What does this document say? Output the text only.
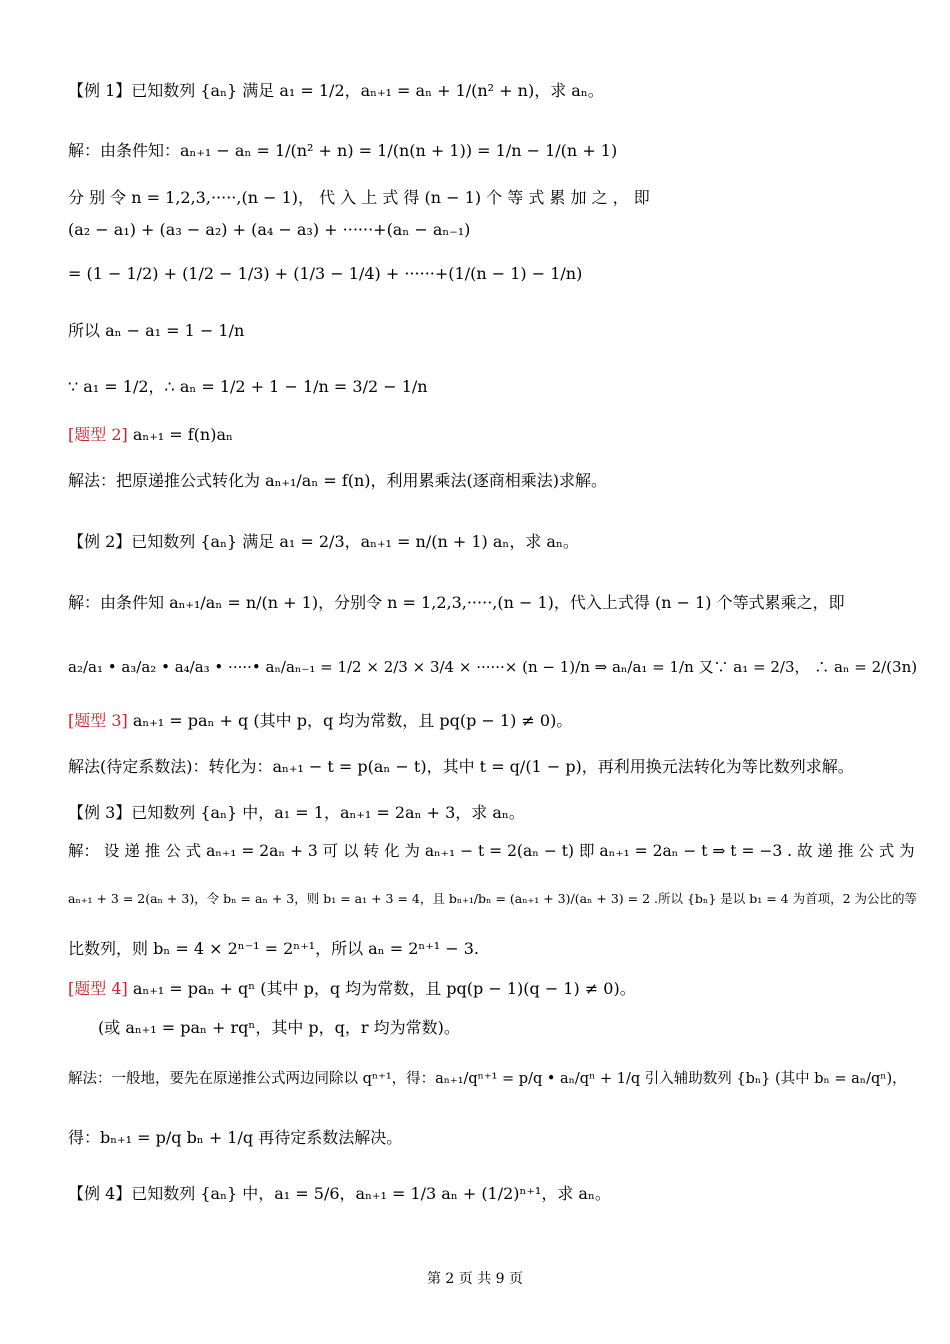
【例 1】已知数列 {aₙ} 满足 a₁ = 1/2，aₙ₊₁ = aₙ + 1/(n² + n)，求 aₙ。
解：由条件知：aₙ₊₁ − aₙ = 1/(n² + n) = 1/(n(n + 1)) = 1/n − 1/(n + 1)
分 别 令 n = 1,2,3,·····,(n − 1)， 代 入 上 式 得 (n − 1) 个 等 式 累 加 之 ， 即
(a₂ − a₁) + (a₃ − a₂) + (a₄ − a₃) + ······+(aₙ − aₙ₋₁)
= (1 − 1/2) + (1/2 − 1/3) + (1/3 − 1/4) + ······+(1/(n − 1) − 1/n)
所以 aₙ − a₁ = 1 − 1/n
∵ a₁ = 1/2，∴ aₙ = 1/2 + 1 − 1/n = 3/2 − 1/n
[题型 2] aₙ₊₁ = f(n)aₙ
解法：把原递推公式转化为 aₙ₊₁/aₙ = f(n)，利用累乘法(逐商相乘法)求解。
【例 2】已知数列 {aₙ} 满足 a₁ = 2/3，aₙ₊₁ = n/(n + 1) aₙ，求 aₙ。
解：由条件知 aₙ₊₁/aₙ = n/(n + 1)，分别令 n = 1,2,3,·····,(n − 1)，代入上式得 (n − 1) 个等式累乘之，即
a₂/a₁ • a₃/a₂ • a₄/a₃ • ·····• aₙ/aₙ₋₁ = 1/2 × 2/3 × 3/4 × ······× (n − 1)/n ⇒ aₙ/a₁ = 1/n 又∵ a₁ = 2/3， ∴ aₙ = 2/(3n)
[题型 3] aₙ₊₁ = paₙ + q (其中 p，q 均为常数，且 pq(p − 1) ≠ 0)。
解法(待定系数法)：转化为：aₙ₊₁ − t = p(aₙ − t)，其中 t = q/(1 − p)，再利用换元法转化为等比数列求解。
【例 3】已知数列 {aₙ} 中，a₁ = 1，aₙ₊₁ = 2aₙ + 3，求 aₙ。
解： 设 递 推 公 式 aₙ₊₁ = 2aₙ + 3 可 以 转 化 为 aₙ₊₁ − t = 2(aₙ − t) 即 aₙ₊₁ = 2aₙ − t ⇒ t = −3 . 故 递 推 公 式 为
aₙ₊₁ + 3 = 2(aₙ + 3)，令 bₙ = aₙ + 3，则 b₁ = a₁ + 3 = 4，且 bₙ₊₁/bₙ = (aₙ₊₁ + 3)/(aₙ + 3) = 2 .所以 {bₙ} 是以 b₁ = 4 为首项，2 为公比的等
比数列，则 bₙ = 4 × 2ⁿ⁻¹ = 2ⁿ⁺¹，所以 aₙ = 2ⁿ⁺¹ − 3.
[题型 4] aₙ₊₁ = paₙ + qⁿ (其中 p，q 均为常数，且 pq(p − 1)(q − 1) ≠ 0)。
(或 aₙ₊₁ = paₙ + rqⁿ，其中 p，q，r 均为常数)。
解法：一般地，要先在原递推公式两边同除以 qⁿ⁺¹，得：aₙ₊₁/qⁿ⁺¹ = p/q • aₙ/qⁿ + 1/q 引入辅助数列 {bₙ} (其中 bₙ = aₙ/qⁿ)，
得：bₙ₊₁ = p/q bₙ + 1/q 再待定系数法解决。
【例 4】已知数列 {aₙ} 中，a₁ = 5/6，aₙ₊₁ = 1/3 aₙ + (1/2)ⁿ⁺¹，求 aₙ。
第 2 页 共 9 页
